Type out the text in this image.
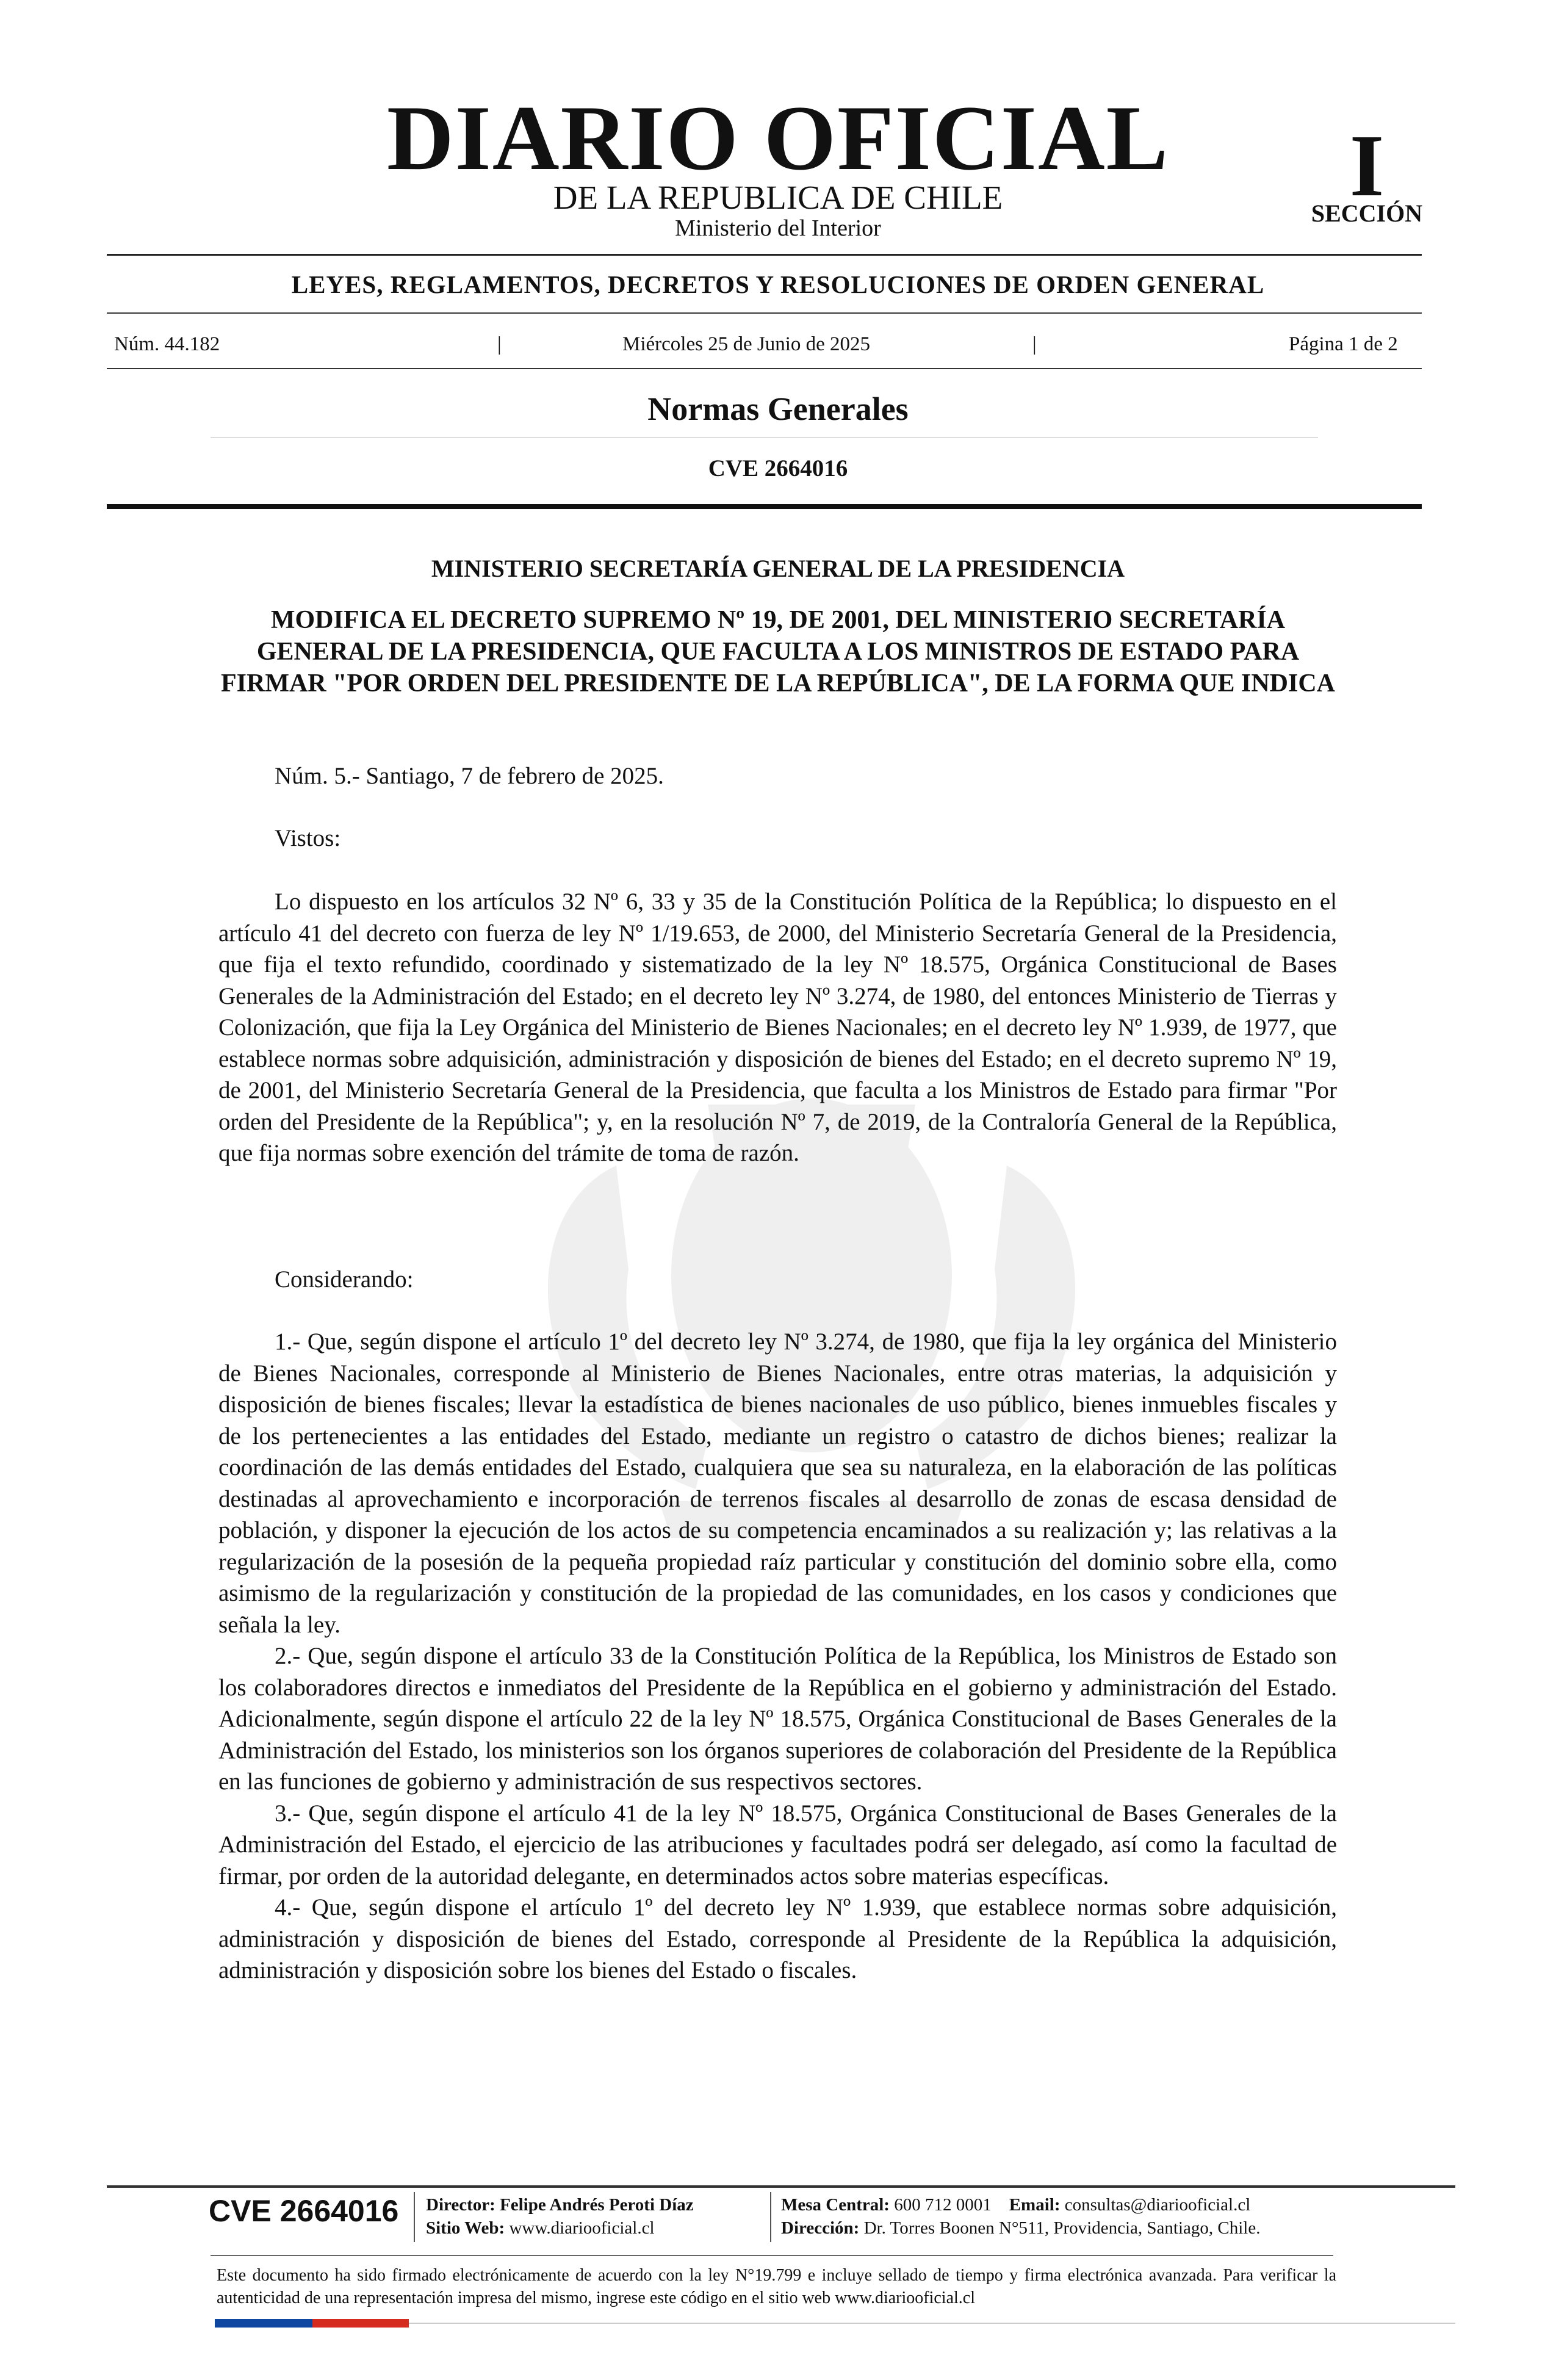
DIARIO OFICIAL
DE LA REPUBLICA DE CHILE
Ministerio del Interior
I
SECCIÓN
LEYES, REGLAMENTOS, DECRETOS Y RESOLUCIONES DE ORDEN GENERAL
Núm. 44.182	|	Miércoles 25 de Junio de 2025	|	Página 1 de 2
Normas Generales
CVE 2664016
MINISTERIO SECRETARÍA GENERAL DE LA PRESIDENCIA
MODIFICA EL DECRETO SUPREMO Nº 19, DE 2001, DEL MINISTERIO SECRETARÍA GENERAL DE LA PRESIDENCIA, QUE FACULTA A LOS MINISTROS DE ESTADO PARA FIRMAR "POR ORDEN DEL PRESIDENTE DE LA REPÚBLICA", DE LA FORMA QUE INDICA
Núm. 5.- Santiago, 7 de febrero de 2025.
Vistos:

Lo dispuesto en los artículos 32 Nº 6, 33 y 35 de la Constitución Política de la República; lo dispuesto en el artículo 41 del decreto con fuerza de ley Nº 1/19.653, de 2000, del Ministerio Secretaría General de la Presidencia, que fija el texto refundido, coordinado y sistematizado de la ley Nº 18.575, Orgánica Constitucional de Bases Generales de la Administración del Estado; en el decreto ley Nº 3.274, de 1980, del entonces Ministerio de Tierras y Colonización, que fija la Ley Orgánica del Ministerio de Bienes Nacionales; en el decreto ley Nº 1.939, de 1977, que establece normas sobre adquisición, administración y disposición de bienes del Estado; en el decreto supremo Nº 19, de 2001, del Ministerio Secretaría General de la Presidencia, que faculta a los Ministros de Estado para firmar "Por orden del Presidente de la República"; y, en la resolución Nº 7, de 2019, de la Contraloría General de la República, que fija normas sobre exención del trámite de toma de razón.

Considerando:

1.- Que, según dispone el artículo 1º del decreto ley Nº 3.274, de 1980, que fija la ley orgánica del Ministerio de Bienes Nacionales, corresponde al Ministerio de Bienes Nacionales, entre otras materias, la adquisición y disposición de bienes fiscales; llevar la estadística de bienes nacionales de uso público, bienes inmuebles fiscales y de los pertenecientes a las entidades del Estado, mediante un registro o catastro de dichos bienes; realizar la coordinación de las demás entidades del Estado, cualquiera que sea su naturaleza, en la elaboración de las políticas destinadas al aprovechamiento e incorporación de terrenos fiscales al desarrollo de zonas de escasa densidad de población, y disponer la ejecución de los actos de su competencia encaminados a su realización y; las relativas a la regularización de la posesión de la pequeña propiedad raíz particular y constitución del dominio sobre ella, como asimismo de la regularización y constitución de la propiedad de las comunidades, en los casos y condiciones que señala la ley.

2.- Que, según dispone el artículo 33 de la Constitución Política de la República, los Ministros de Estado son los colaboradores directos e inmediatos del Presidente de la República en el gobierno y administración del Estado. Adicionalmente, según dispone el artículo 22 de la ley Nº 18.575, Orgánica Constitucional de Bases Generales de la Administración del Estado, los ministerios son los órganos superiores de colaboración del Presidente de la República en las funciones de gobierno y administración de sus respectivos sectores.

3.- Que, según dispone el artículo 41 de la ley Nº 18.575, Orgánica Constitucional de Bases Generales de la Administración del Estado, el ejercicio de las atribuciones y facultades podrá ser delegado, así como la facultad de firmar, por orden de la autoridad delegante, en determinados actos sobre materias específicas.

4.- Que, según dispone el artículo 1º del decreto ley Nº 1.939, que establece normas sobre adquisición, administración y disposición de bienes del Estado, corresponde al Presidente de la República la adquisición, administración y disposición sobre los bienes del Estado o fiscales.

CVE 2664016 Director: Felipe Andrés Peroti Díaz
Sitio Web: www.diariooficial.cl
Mesa Central: 600 712 0001 Email: consultas@diariooficial.cl
Dirección: Dr. Torres Boonen N°511, Providencia, Santiago, Chile.
Este documento ha sido firmado electrónicamente de acuerdo con la ley N°19.799 e incluye sellado de tiempo y firma electrónica avanzada. Para verificar la autenticidad de una representación impresa del mismo, ingrese este código en el sitio web www.diariooficial.cl
